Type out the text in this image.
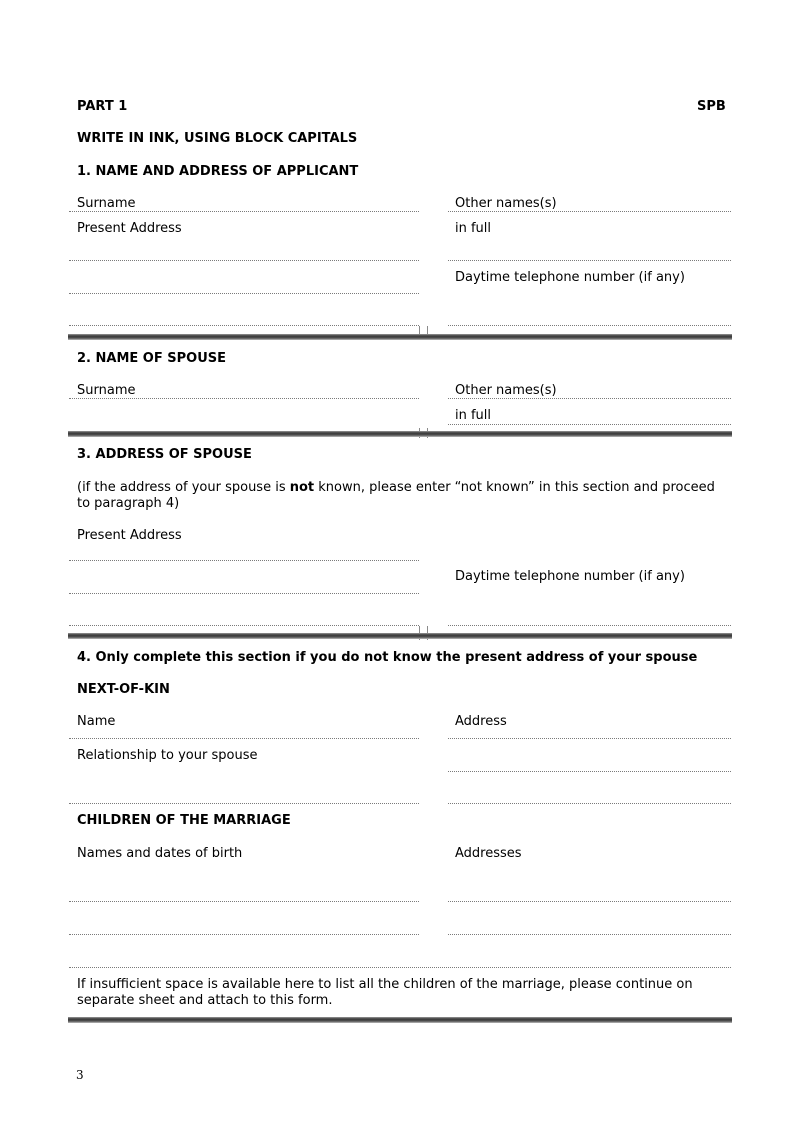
PART 1	SPB
WRITE IN INK, USING BLOCK CAPITALS
1. NAME AND ADDRESS OF APPLICANT
Surname	Other names(s)
Present Address	in full
Daytime telephone number (if any)
2. NAME OF SPOUSE
Surname	Other names(s)
in full
3. ADDRESS OF SPOUSE
(if the address of your spouse is not known, please enter “not known” in this section and proceed to paragraph 4)
Present Address
Daytime telephone number (if any)
4. Only complete this section if you do not know the present address of your spouse
NEXT-OF-KIN
Name	Address
Relationship to your spouse
CHILDREN OF THE MARRIAGE
Names and dates of birth	Addresses
If insufficient space is available here to list all the children of the marriage, please continue on separate sheet and attach to this form.
3
